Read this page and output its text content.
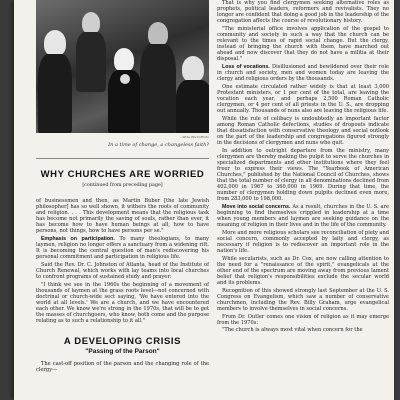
—Wide World Photo

In a time of change, a changeless faith?

WHY CHURCHES ARE WORRIED
[continued from preceding page]

of businessmen and then, as Martin Buber [the late Jewish philosopher] has so well shown, it withers the roots of community and religion. . . . This development means that the religious task has become not primarily the saving of souls, rather than ever, it has become how to have human beings at all, how to have persons, not things, how to have persons per se."

Emphasis on participation. To many theologians, to many laymen, religion no longer offers a sanctuary from a widening rift. It is becoming the central question of man's rediscovering his personal commitment and participation in religious life.

Said the Rev. Dr. C. Johnston of Atlanta, head of the Institute of Church Renewal, which works with lay teams into local churches to confront programs of sustained study and prayer:

"I think we see in the 1960s the beginning of a movement of thousands of laymen at the grass roots level—not concerned with doctrinal or church-wide sect saying, 'We have entered into the world at all levels.' We are a church, and we have encountered each other. We know we're strong in the 1970s, that will be to get the masses of churchgoers, who know, both come and the purpose relating as to such a relationship to it all."

A DEVELOPING CRISIS
"Passing of the Parson"

The cast-off position of the parson and the changing role of the clergy—

That is why you find clergymen seeking alternative roles as prophets, political leaders, reformers and revivalists. They no longer are confident that doing a good job in the leadership of the congregation affects the course of revolutionary history.

"The ministerial office involves application of the gospel to community and society in such a way that the church can be relevant to the times of rapid social change. But the clergy, instead of bringing the church with them, have marched out ahead and now discover that they do not have a militia at their disposal."

Loss of vocations. Disillusioned and bewildered over their role in church and society, men and women today are leaving the clergy and religious orders by the thousands.

One estimate circulated rather widely is that at least 3,000 Protestant ministers, or 1 per cent of the total, are leaving the vocation each year, and perhaps 2,500 Roman Catholic clergymen, or 4 per cent of all priests in the U. S., are dropping out annually. Thousands of nuns also are leaving the religious life.

While the rule of celibacy is undoubtedly an important factor among Roman Catholic defections, studies of dropouts indicate that dissatisfaction with conservative theology and social outlook on the part of the leadership and congregations figured strongly in the decisions of clergymen and nuns who quit.

In addition to outright departure from the ministry, many clergymen are thereby making the pulpit to serve the churches in specialized departments and other institutions where they feel freer to express their views. The "Yearbook of American Churches," published by the National Council of Churches, shows that the total number of clergy in all denominations declined from 402,000 in 1967 to 360,000 in 1969. During that time, the number of clergymen holding down pulpits declined even more, from 283,000 to 198,000.

Move into social concerns. As a result, churches in the U. S. are beginning to find themselves crippled in leadership at a time when young members and laymen are seeking guidance on the meaning of religion in their lives and in the life of the community.

More and more religious scholars see reconciliation of piety and social concern, commonly accepted by laity and clergy, as necessary if religion is to rediscover an important role in the nation's life.

While secularists, such as Dr. Cox, are now calling attention to the need for a "renaissance of the spirit," evangelicals at the other end of the spectrum are moving away from previous lament belief that religion's responsibilities exclude the secular world and its problems.

Recognition of this showed strongly last September at the U. S. Congress on Evangelism, which saw a number of conservative churchmen, including the Rev. Billy Graham, urge evangelical members to involve themselves in social concerns.

From Dr. Outler comes one vision of religion as it may emerge from the 1970s:

"The church is always most vital when concern for the
